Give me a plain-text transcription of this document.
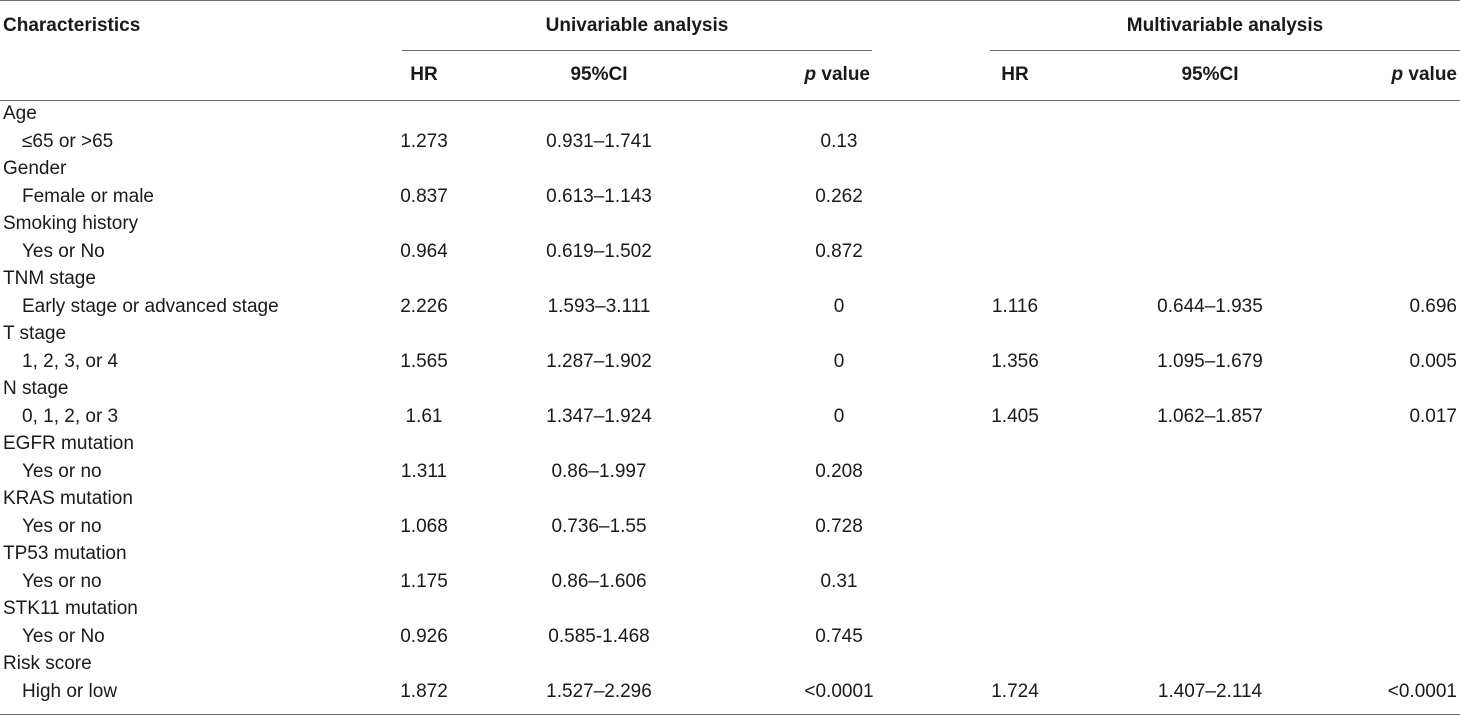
Characteristics	Univariable analysis	Multivariable analysis
HR	95%CI	p value	HR	95%CI	p value
Age
≤65 or >65	1.273	0.931–1.741	0.13
Gender
Female or male	0.837	0.613–1.143	0.262
Smoking history
Yes or No	0.964	0.619–1.502	0.872
TNM stage
Early stage or advanced stage	2.226	1.593–3.111	0	1.116	0.644–1.935	0.696
T stage
1, 2, 3, or 4	1.565	1.287–1.902	0	1.356	1.095–1.679	0.005
N stage
0, 1, 2, or 3	1.61	1.347–1.924	0	1.405	1.062–1.857	0.017
EGFR mutation
Yes or no	1.311	0.86–1.997	0.208
KRAS mutation
Yes or no	1.068	0.736–1.55	0.728
TP53 mutation
Yes or no	1.175	0.86–1.606	0.31
STK11 mutation
Yes or No	0.926	0.585-1.468	0.745
Risk score
High or low	1.872	1.527–2.296	<0.0001	1.724	1.407–2.114	<0.0001
